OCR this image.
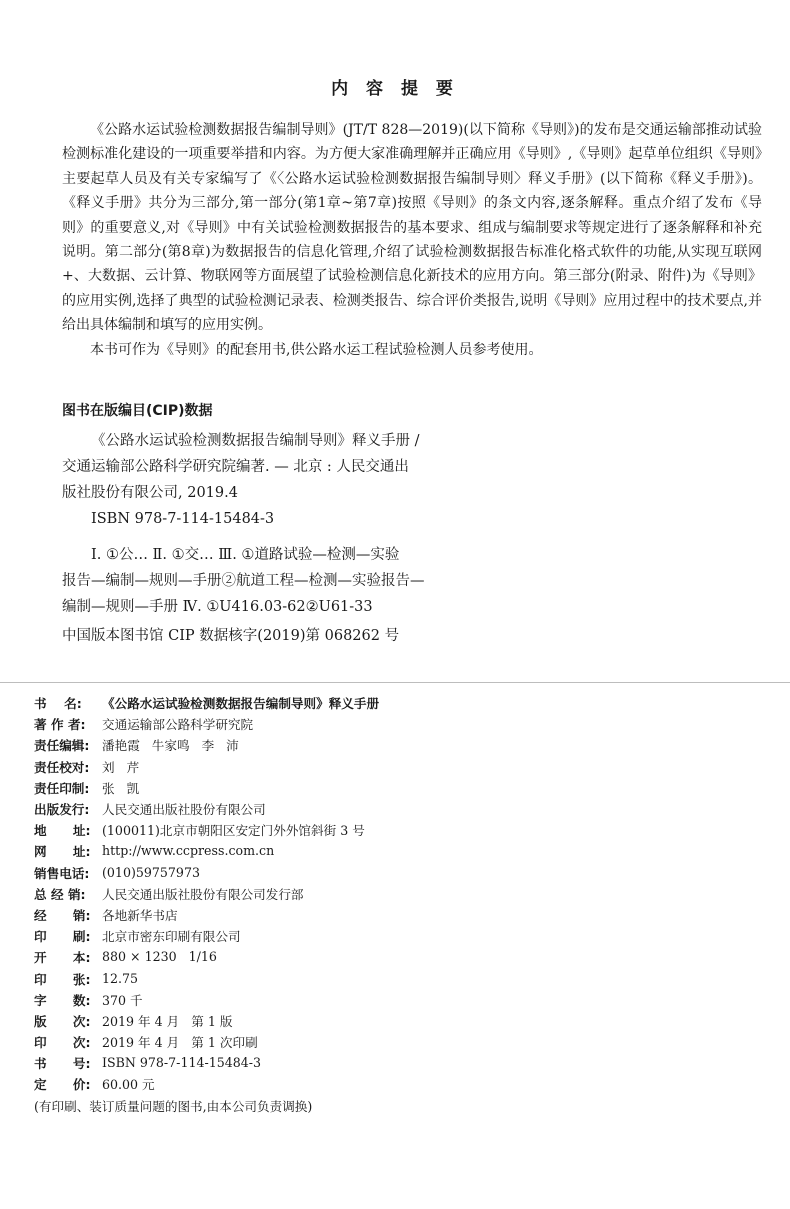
内 容 提 要

《公路水运试验检测数据报告编制导则》(JT/T 828—2019)(以下简称《导则》)的发布是交通运输部推动试验检测标准化建设的一项重要举措和内容。为方便大家准确理解并正确应用《导则》,《导则》起草单位组织《导则》主要起草人员及有关专家编写了《〈公路水运试验检测数据报告编制导则〉释义手册》(以下简称《释义手册》)。《释义手册》共分为三部分,第一部分(第1章~第7章)按照《导则》的条文内容,逐条解释。重点介绍了发布《导则》的重要意义,对《导则》中有关试验检测数据报告的基本要求、组成与编制要求等规定进行了逐条解释和补充说明。第二部分(第8章)为数据报告的信息化管理,介绍了试验检测数据报告标准化格式软件的功能,从实现互联网+、大数据、云计算、物联网等方面展望了试验检测信息化新技术的应用方向。第三部分(附录、附件)为《导则》的应用实例,选择了典型的试验检测记录表、检测类报告、综合评价类报告,说明《导则》应用过程中的技术要点,并给出具体编制和填写的应用实例。

本书可作为《导则》的配套用书,供公路水运工程试验检测人员参考使用。

图书在版编目(CIP)数据

《公路水运试验检测数据报告编制导则》释义手册 /

交通运输部公路科学研究院编著. — 北京 : 人民交通出

版社股份有限公司, 2019.4

ISBN 978-7-114-15484-3

Ⅰ. ①公… Ⅱ. ①交… Ⅲ. ①道路试验—检测—实验

报告—编制—规则—手册②航道工程—检测—实验报告—

编制—规则—手册 Ⅳ. ①U416.03-62②U61-33

中国版本图书馆 CIP 数据核字(2019)第 068262 号
书    名:	《公路水运试验检测数据报告编制导则》释义手册
著 作 者:	交通运输部公路科学研究院
责任编辑: 潘艳霞   牛家鸣   李   沛
责任校对: 刘   芹
责任印制: 张   凯
出版发行: 人民交通出版社股份有限公司
地      址: (100011)北京市朝阳区安定门外外馆斜街 3 号
网      址: http://www.ccpress.com.cn
销售电话: (010)59757973
总 经 销:	人民交通出版社股份有限公司发行部
经      销: 各地新华书店
印      刷: 北京市密东印刷有限公司
开      本: 880 × 1230   1/16
印      张: 12.75
字      数: 370 千
版      次: 2019 年 4 月   第 1 版
印      次: 2019 年 4 月   第 1 次印刷
书      号: ISBN 978-7-114-15484-3
定      价: 60.00 元
(有印刷、装订质量问题的图书,由本公司负责调换)
